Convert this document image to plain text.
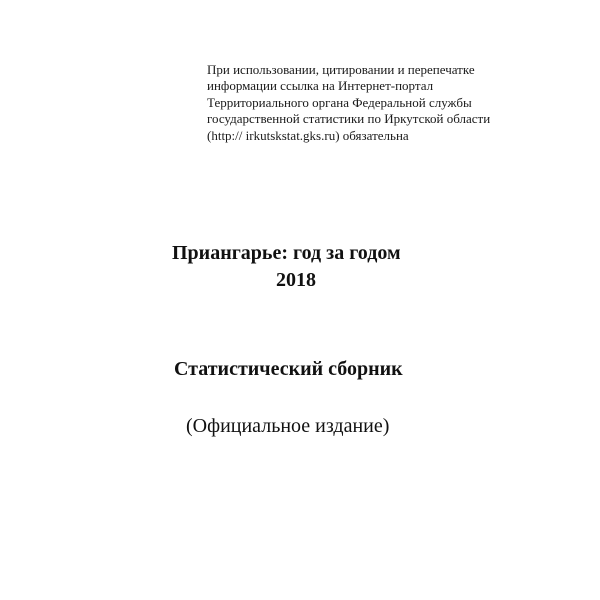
При использовании, цитировании и перепечатке
информации ссылка на Интернет-портал
Территориального органа Федеральной службы
государственной статистики по Иркутской области
(http:// irkutskstat.gks.ru) обязательна
Приангарье: год за годом
2018
Статистический сборник
(Официальное издание)
